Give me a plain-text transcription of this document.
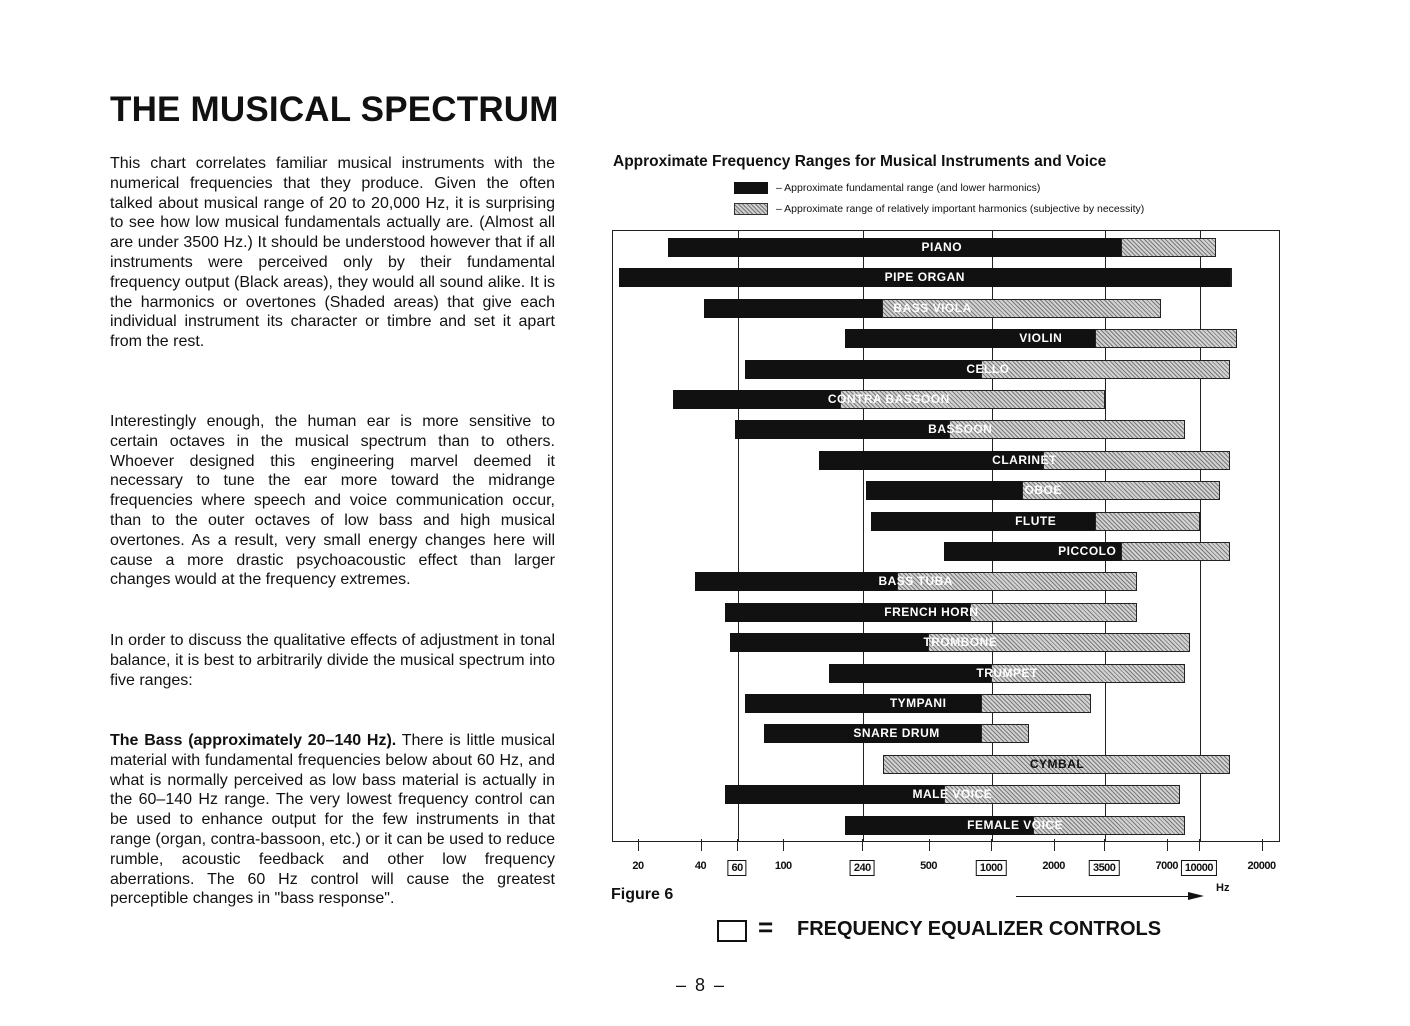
THE MUSICAL SPECTRUM

This chart correlates familiar musical instruments with the numerical frequencies that they produce. Given the often talked about musical range of 20 to 20,000 Hz, it is surprising to see how low musical fundamentals actually are. (Almost all are under 3500 Hz.) It should be understood however that if all instruments were perceived only by their fundamental frequency output (Black areas), they would all sound alike. It is the harmonics or overtones (Shaded areas) that give each individual instrument its character or timbre and set it apart from the rest.

Interestingly enough, the human ear is more sensitive to certain octaves in the musical spectrum than to others. Whoever designed this engineering marvel deemed it necessary to tune the ear more toward the midrange frequencies where speech and voice communication occur, than to the outer octaves of low bass and high musical overtones. As a result, very small energy changes here will cause a more drastic psychoacoustic effect than larger changes would at the frequency extremes.

In order to discuss the qualitative effects of adjustment in tonal balance, it is best to arbitrarily divide the musical spectrum into five ranges:

The Bass (approximately 20–140 Hz). There is little musical material with fundamental frequencies below about 60 Hz, and what is normally perceived as low bass material is actually in the 60–140 Hz range. The very lowest frequency control can be used to enhance output for the few instruments in that range (organ, contra-bassoon, etc.) or it can be used to reduce rumble, acoustic feedback and other low frequency aberrations. The 60 Hz control will cause the greatest perceptible changes in "bass response".

Approximate Frequency Ranges for Musical Instruments and Voice
– Approximate fundamental range (and lower harmonics)
– Approximate range of relatively important harmonics (subjective by necessity)
PIANO
PIPE ORGAN
BASS VIOLA
VIOLIN
CELLO
CONTRA BASSOON
BASSOON
CLARINET
OBOE
FLUTE
PICCOLO
BASS TUBA
FRENCH HORN
TROMBONE
TRUMPET
TYMPANI
SNARE DRUM
CYMBAL
MALE VOICE
FEMALE VOICE
20	40	60	100	240	500	1000	2000	3500	7000 10000	20000
Figure 6	Hz
= FREQUENCY EQUALIZER CONTROLS
– 8 –
